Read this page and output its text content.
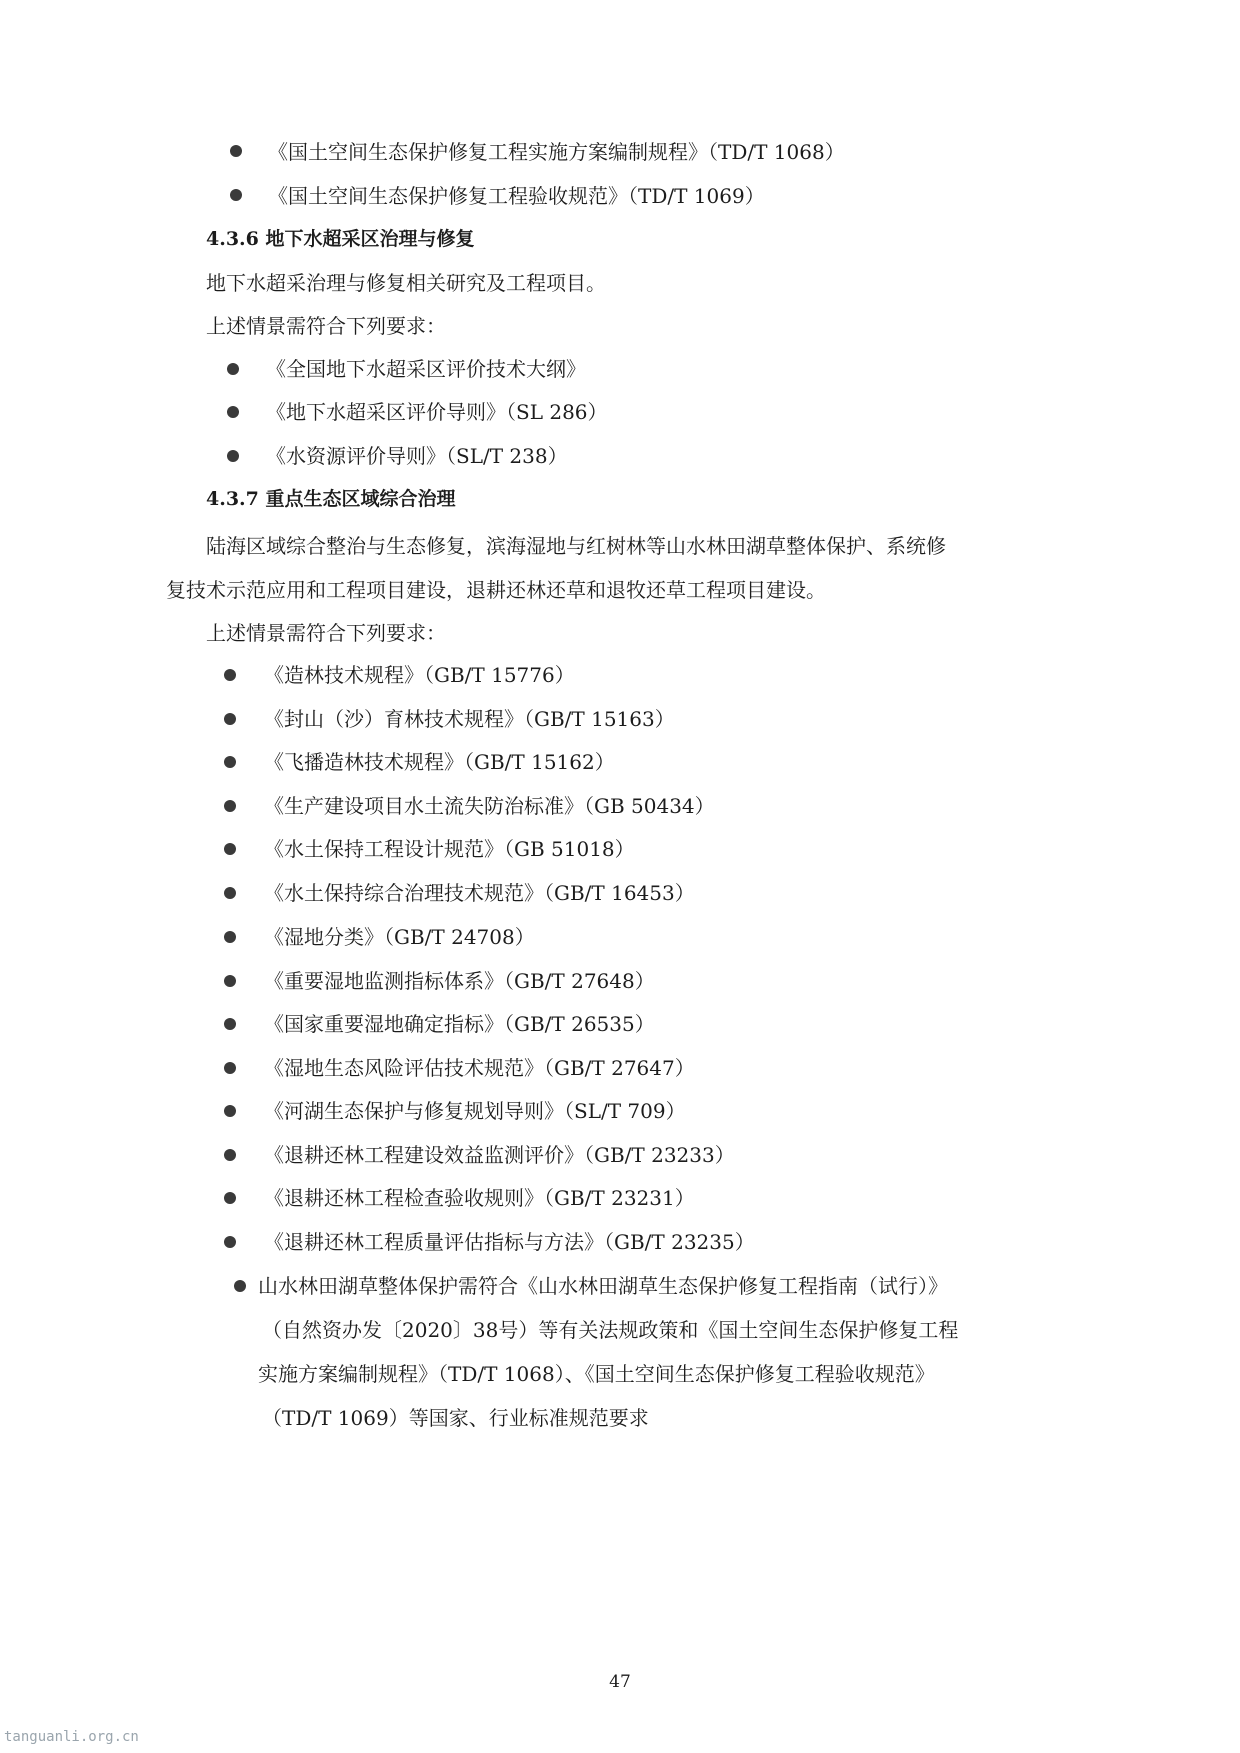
《国土空间生态保护修复工程实施方案编制规程》（TD/T 1068）
《国土空间生态保护修复工程验收规范》（TD/T 1069）
4.3.6 地下水超采区治理与修复
地下水超采治理与修复相关研究及工程项目。
上述情景需符合下列要求：
《全国地下水超采区评价技术大纲》
《地下水超采区评价导则》（SL 286）
《水资源评价导则》（SL/T 238）
4.3.7 重点生态区域综合治理
陆海区域综合整治与生态修复，滨海湿地与红树林等山水林田湖草整体保护、系统修
复技术示范应用和工程项目建设，退耕还林还草和退牧还草工程项目建设。
上述情景需符合下列要求：
《造林技术规程》（GB/T 15776）
《封山（沙）育林技术规程》（GB/T 15163）
《飞播造林技术规程》（GB/T 15162）
《生产建设项目水土流失防治标准》（GB 50434）
《水土保持工程设计规范》（GB 51018）
《水土保持综合治理技术规范》（GB/T 16453）
《湿地分类》（GB/T 24708）
《重要湿地监测指标体系》（GB/T 27648）
《国家重要湿地确定指标》（GB/T 26535）
《湿地生态风险评估技术规范》（GB/T 27647）
《河湖生态保护与修复规划导则》（SL/T 709）
《退耕还林工程建设效益监测评价》（GB/T 23233）
《退耕还林工程检查验收规则》（GB/T 23231）
《退耕还林工程质量评估指标与方法》（GB/T 23235）
山水林田湖草整体保护需符合《山水林田湖草生态保护修复工程指南（试行）》
（自然资办发〔2020〕38号）等有关法规政策和《国土空间生态保护修复工程
实施方案编制规程》（TD/T 1068）、《国土空间生态保护修复工程验收规范》
（TD/T 1069）等国家、行业标准规范要求
47
tanguanli.org.cn
